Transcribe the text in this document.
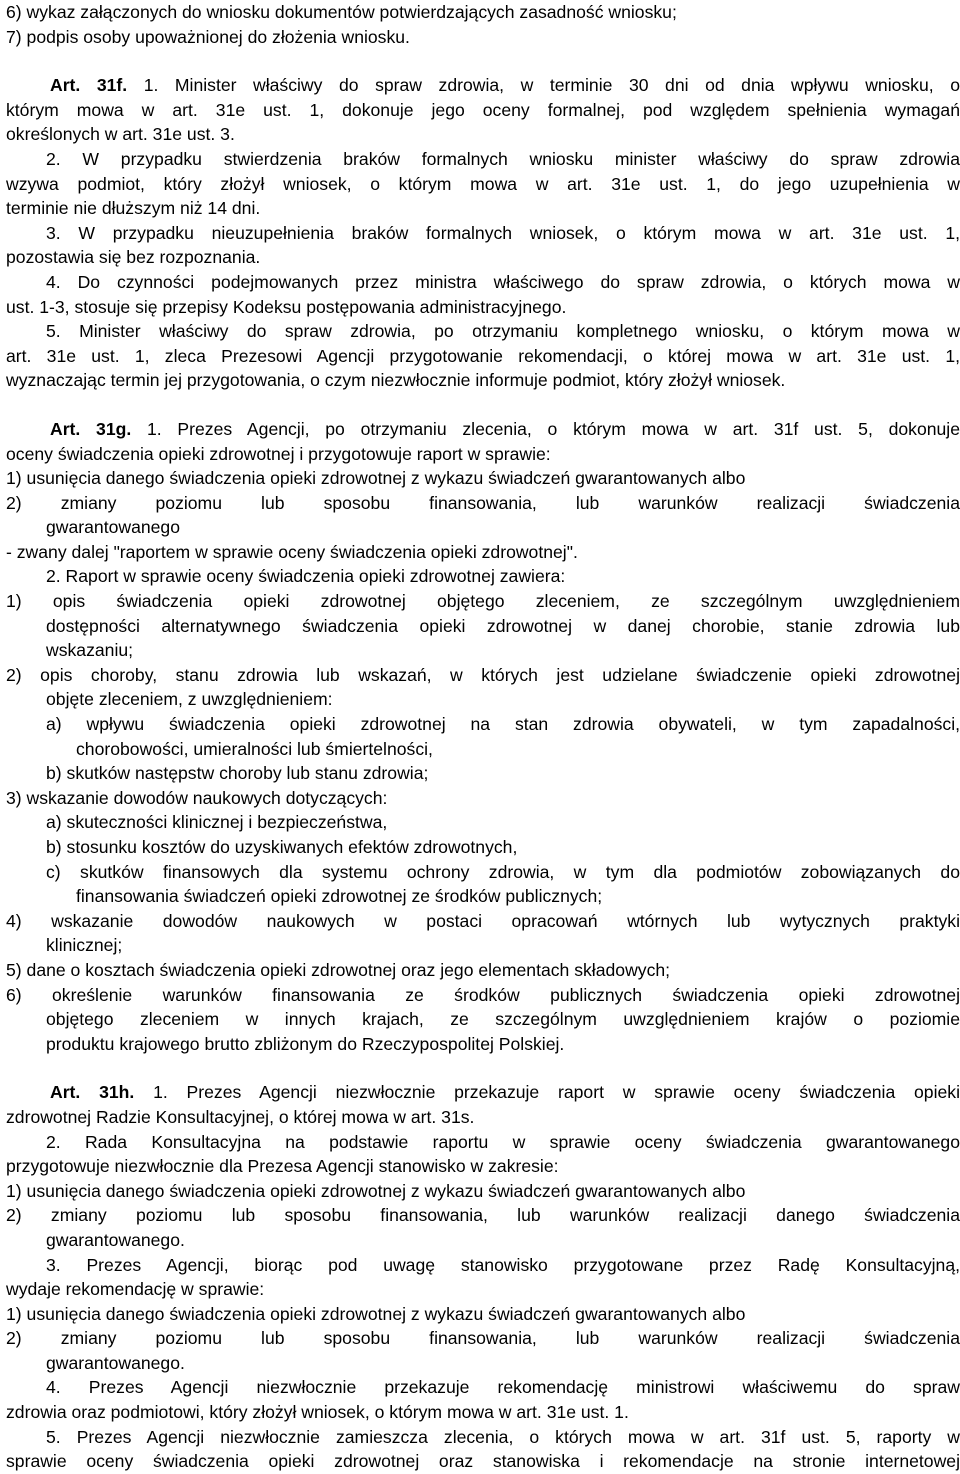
6) wykaz załączonych do wniosku dokumentów potwierdzających zasadność wniosku;
7) podpis osoby upoważnionej do złożenia wniosku.
Art. 31f. 1. Minister właściwy do spraw zdrowia, w terminie 30 dni od dnia wpływu wniosku, o
którym mowa w art. 31e ust. 1, dokonuje jego oceny formalnej, pod względem spełnienia wymagań
określonych w art. 31e ust. 3.
2. W przypadku stwierdzenia braków formalnych wniosku minister właściwy do spraw zdrowia
wzywa podmiot, który złożył wniosek, o którym mowa w art. 31e ust. 1, do jego uzupełnienia w
terminie nie dłuższym niż 14 dni.
3. W przypadku nieuzupełnienia braków formalnych wniosek, o którym mowa w art. 31e ust. 1,
pozostawia się bez rozpoznania.
4. Do czynności podejmowanych przez ministra właściwego do spraw zdrowia, o których mowa w
ust. 1-3, stosuje się przepisy Kodeksu postępowania administracyjnego.
5. Minister właściwy do spraw zdrowia, po otrzymaniu kompletnego wniosku, o którym mowa w
art. 31e ust. 1, zleca Prezesowi Agencji przygotowanie rekomendacji, o której mowa w art. 31e ust. 1,
wyznaczając termin jej przygotowania, o czym niezwłocznie informuje podmiot, który złożył wniosek.
Art. 31g. 1. Prezes Agencji, po otrzymaniu zlecenia, o którym mowa w art. 31f ust. 5, dokonuje
oceny świadczenia opieki zdrowotnej i przygotowuje raport w sprawie:
1) usunięcia danego świadczenia opieki zdrowotnej z wykazu świadczeń gwarantowanych albo
2) zmiany poziomu lub sposobu finansowania, lub warunków realizacji świadczenia
gwarantowanego
- zwany dalej "raportem w sprawie oceny świadczenia opieki zdrowotnej".
2. Raport w sprawie oceny świadczenia opieki zdrowotnej zawiera:
1) opis świadczenia opieki zdrowotnej objętego zleceniem, ze szczególnym uwzględnieniem
dostępności alternatywnego świadczenia opieki zdrowotnej w danej chorobie, stanie zdrowia lub
wskazaniu;
2) opis choroby, stanu zdrowia lub wskazań, w których jest udzielane świadczenie opieki zdrowotnej
objęte zleceniem, z uwzględnieniem:
a) wpływu świadczenia opieki zdrowotnej na stan zdrowia obywateli, w tym zapadalności,
chorobowości, umieralności lub śmiertelności,
b) skutków następstw choroby lub stanu zdrowia;
3) wskazanie dowodów naukowych dotyczących:
a) skuteczności klinicznej i bezpieczeństwa,
b) stosunku kosztów do uzyskiwanych efektów zdrowotnych,
c) skutków finansowych dla systemu ochrony zdrowia, w tym dla podmiotów zobowiązanych do
finansowania świadczeń opieki zdrowotnej ze środków publicznych;
4) wskazanie dowodów naukowych w postaci opracowań wtórnych lub wytycznych praktyki
klinicznej;
5) dane o kosztach świadczenia opieki zdrowotnej oraz jego elementach składowych;
6) określenie warunków finansowania ze środków publicznych świadczenia opieki zdrowotnej
objętego zleceniem w innych krajach, ze szczególnym uwzględnieniem krajów o poziomie
produktu krajowego brutto zbliżonym do Rzeczypospolitej Polskiej.
Art. 31h. 1. Prezes Agencji niezwłocznie przekazuje raport w sprawie oceny świadczenia opieki
zdrowotnej Radzie Konsultacyjnej, o której mowa w art. 31s.
2. Rada Konsultacyjna na podstawie raportu w sprawie oceny świadczenia gwarantowanego
przygotowuje niezwłocznie dla Prezesa Agencji stanowisko w zakresie:
1) usunięcia danego świadczenia opieki zdrowotnej z wykazu świadczeń gwarantowanych albo
2) zmiany poziomu lub sposobu finansowania, lub warunków realizacji danego świadczenia
gwarantowanego.
3. Prezes Agencji, biorąc pod uwagę stanowisko przygotowane przez Radę Konsultacyjną,
wydaje rekomendację w sprawie:
1) usunięcia danego świadczenia opieki zdrowotnej z wykazu świadczeń gwarantowanych albo
2) zmiany poziomu lub sposobu finansowania, lub warunków realizacji świadczenia
gwarantowanego.
4. Prezes Agencji niezwłocznie przekazuje rekomendację ministrowi właściwemu do spraw
zdrowia oraz podmiotowi, który złożył wniosek, o którym mowa w art. 31e ust. 1.
5. Prezes Agencji niezwłocznie zamieszcza zlecenia, o których mowa w art. 31f ust. 5, raporty w
sprawie oceny świadczenia opieki zdrowotnej oraz stanowiska i rekomendacje na stronie internetowej
